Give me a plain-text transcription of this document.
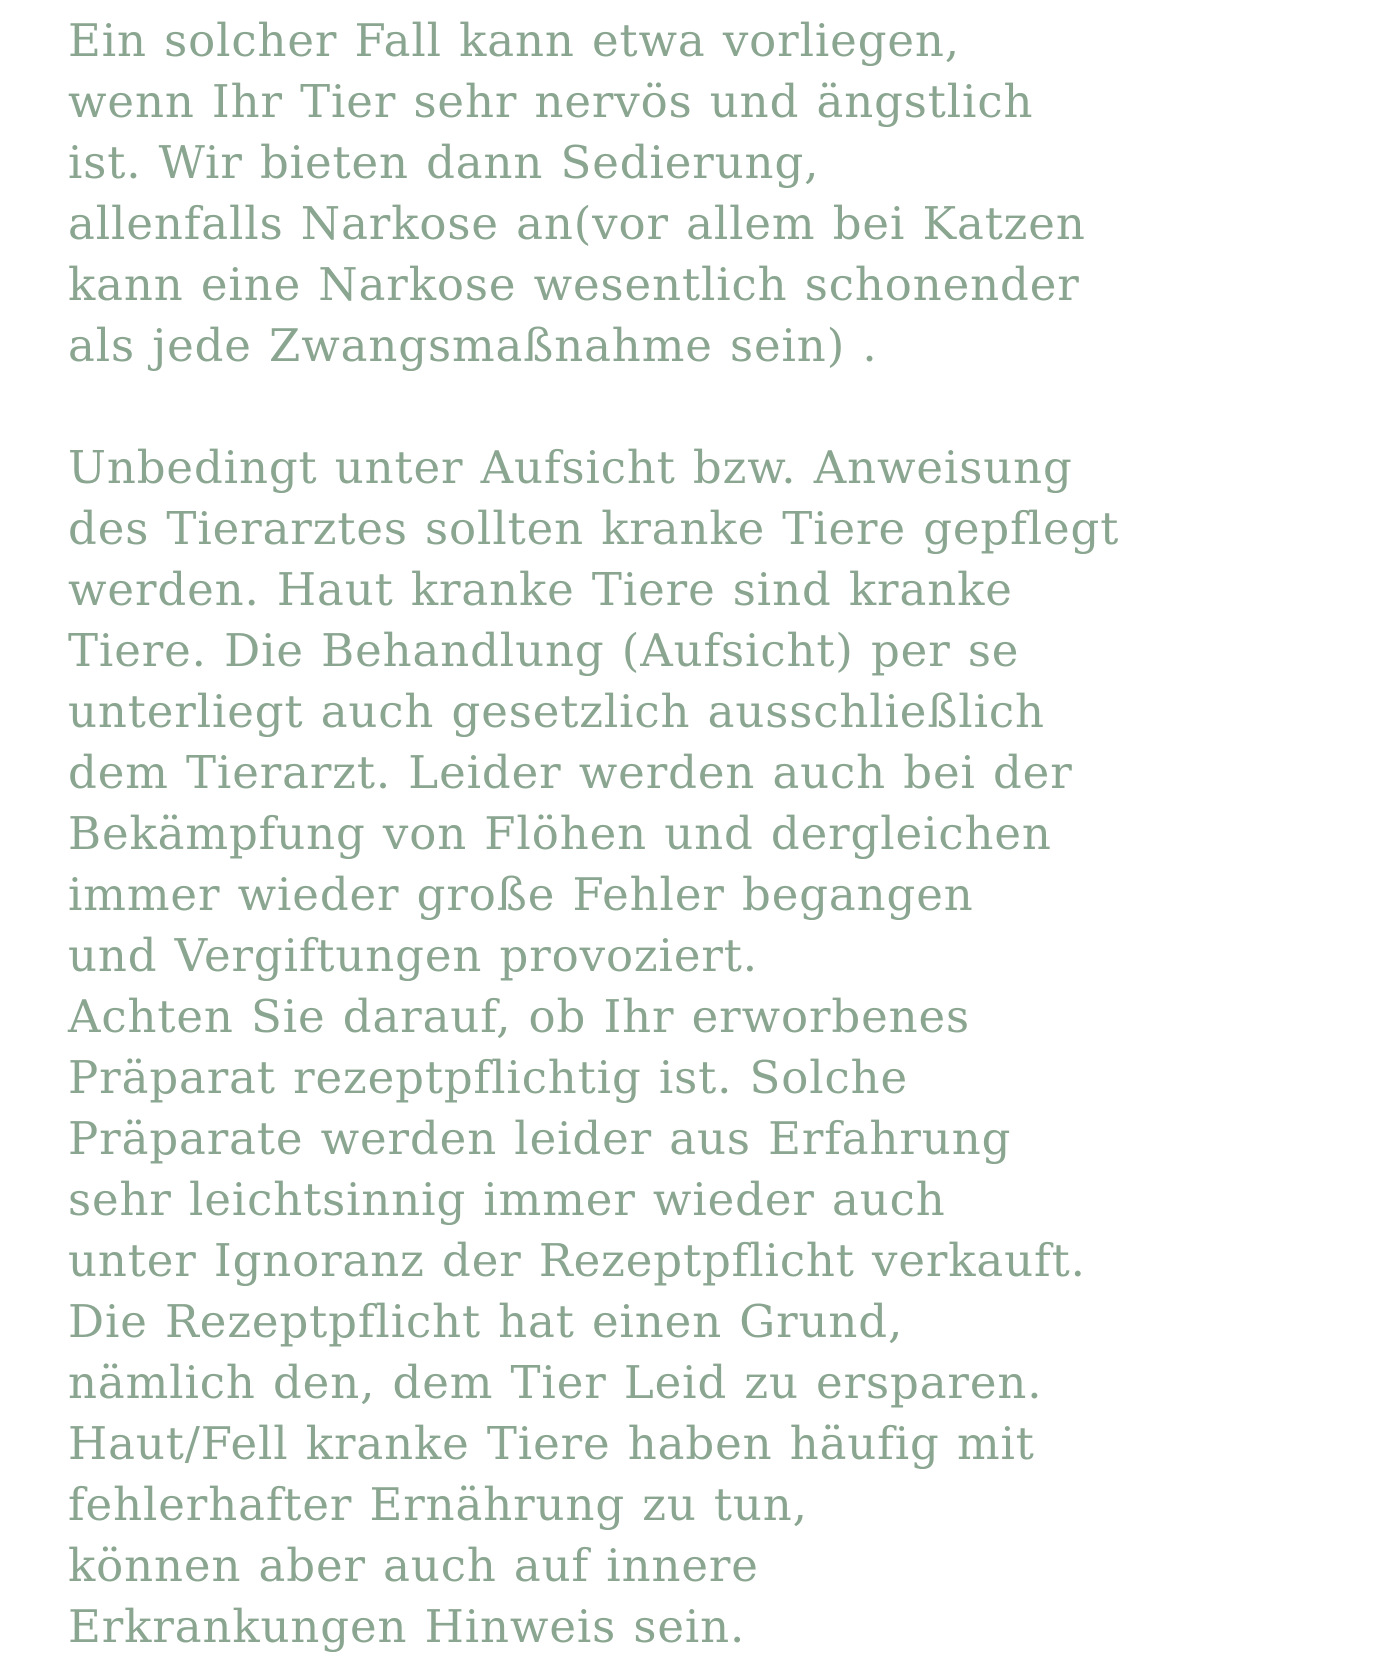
Ein solcher Fall kann etwa vorliegen,
wenn Ihr Tier sehr nervös und ängstlich
ist. Wir bieten dann Sedierung,
allenfalls Narkose an(vor allem bei Katzen
kann eine Narkose wesentlich schonender
als jede Zwangsmaßnahme sein) .

Unbedingt unter Aufsicht bzw. Anweisung
des Tierarztes sollten kranke Tiere gepflegt
werden. Haut kranke Tiere sind kranke
Tiere. Die Behandlung (Aufsicht) per se
unterliegt auch gesetzlich ausschließlich
dem Tierarzt. Leider werden auch bei der
Bekämpfung von Flöhen und dergleichen
immer wieder große Fehler begangen
und Vergiftungen provoziert.
Achten Sie darauf, ob Ihr erworbenes
Präparat rezeptpflichtig ist. Solche
Präparate werden leider aus Erfahrung
sehr leichtsinnig immer wieder auch
unter Ignoranz der Rezeptpflicht verkauft.
Die Rezeptpflicht hat einen Grund,
nämlich den, dem Tier Leid zu ersparen.
Haut/Fell kranke Tiere haben häufig mit
fehlerhafter Ernährung zu tun,
können aber auch auf innere
Erkrankungen Hinweis sein.
